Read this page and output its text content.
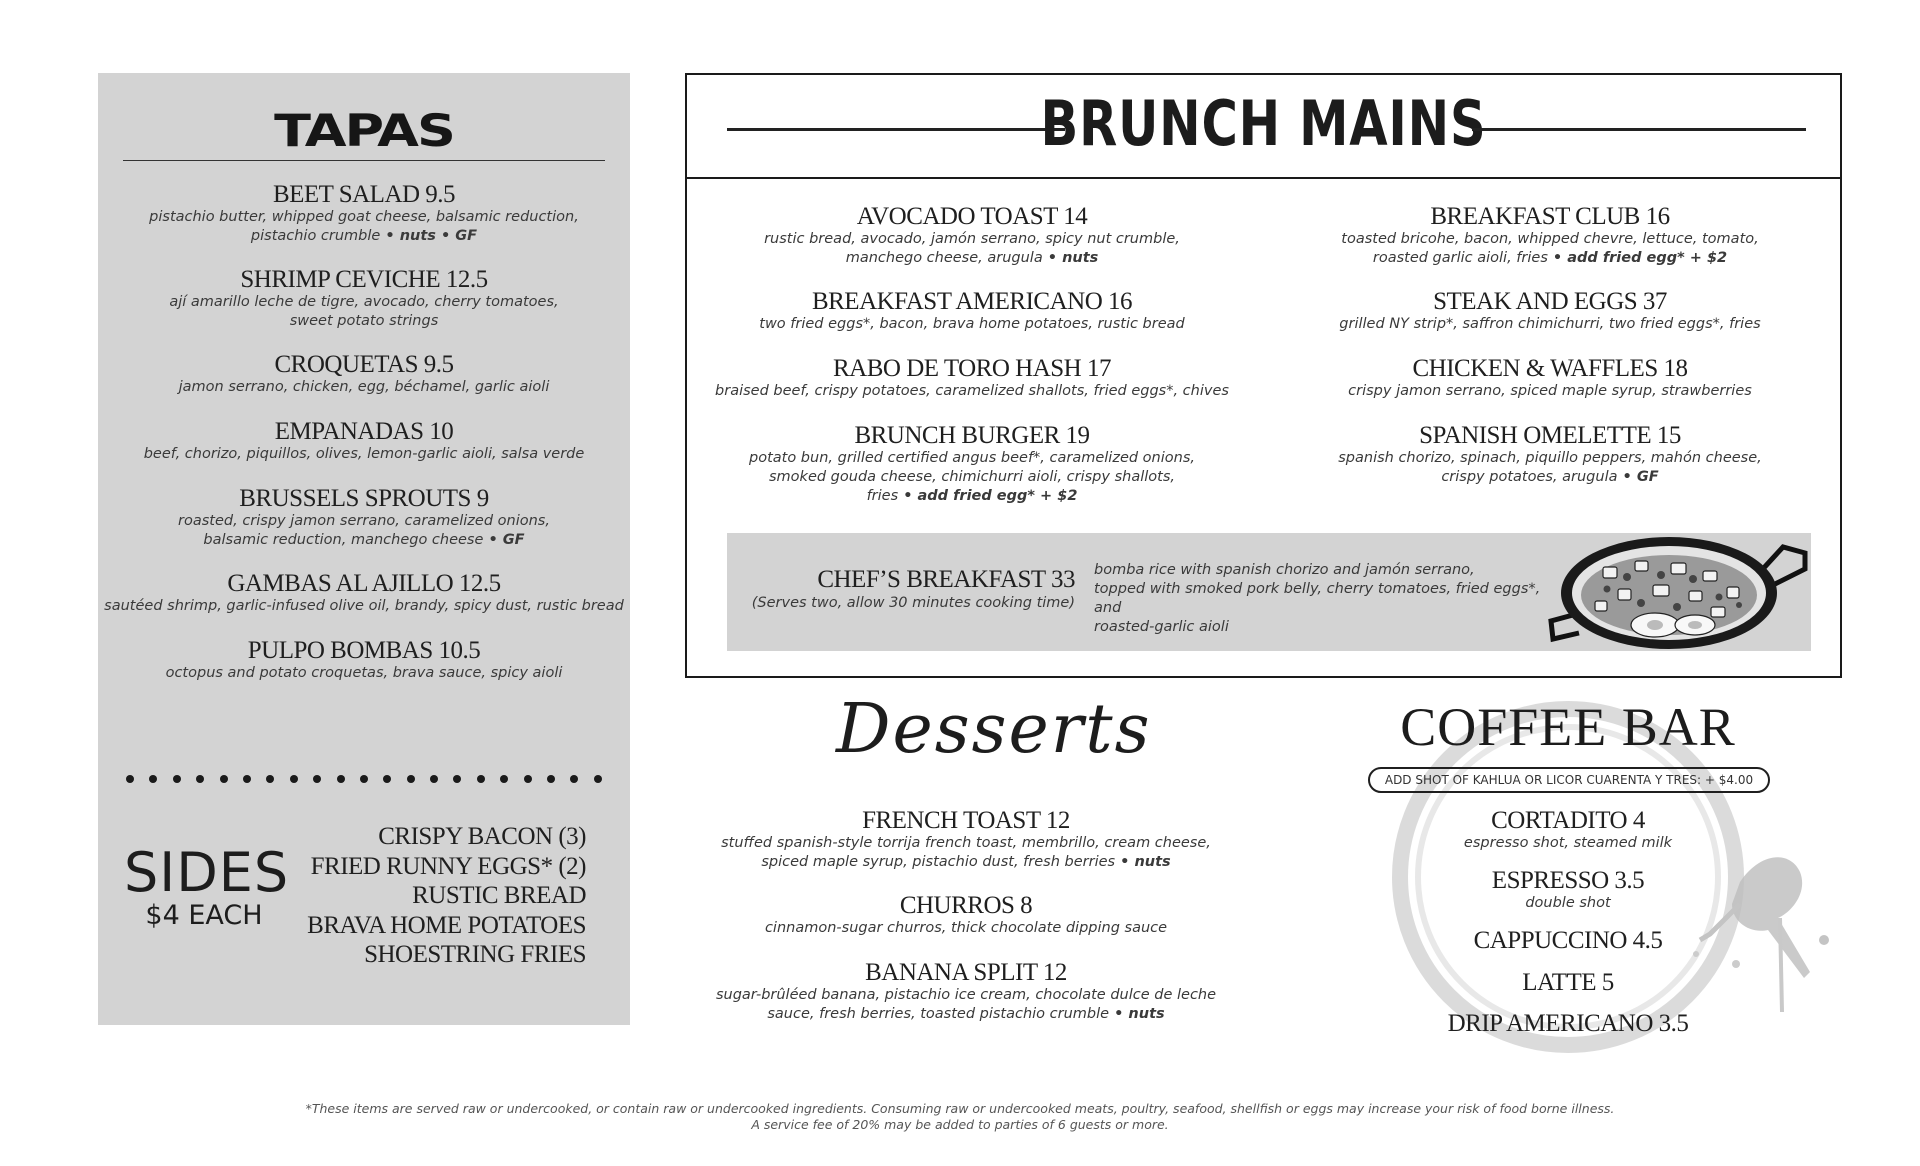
TAPAS
BEET SALAD 9.5
pistachio butter, whipped goat cheese, balsamic reduction,
pistachio crumble • nuts • GF
SHRIMP CEVICHE 12.5
ají amarillo leche de tigre, avocado, cherry tomatoes,
sweet potato strings
CROQUETAS 9.5
jamon serrano, chicken, egg, béchamel, garlic aioli
EMPANADAS 10
beef, chorizo, piquillos, olives, lemon-garlic aioli, salsa verde
BRUSSELS SPROUTS 9
roasted, crispy jamon serrano, caramelized onions,
balsamic reduction, manchego cheese • GF
GAMBAS AL AJILLO 12.5
sautéed shrimp, garlic-infused olive oil, brandy, spicy dust, rustic bread
PULPO BOMBAS 10.5
octopus and potato croquetas, brava sauce, spicy aioli
SIDES
$4 EACH
CRISPY BACON (3)
FRIED RUNNY EGGS* (2)
RUSTIC BREAD
BRAVA HOME POTATOES
SHOESTRING FRIES
BRUNCH MAINS
AVOCADO TOAST 14
rustic bread, avocado, jamón serrano, spicy nut crumble,
manchego cheese, arugula • nuts
BREAKFAST AMERICANO 16
two fried eggs*, bacon, brava home potatoes, rustic bread
RABO DE TORO HASH 17
braised beef, crispy potatoes, caramelized shallots, fried eggs*, chives
BRUNCH BURGER 19
potato bun, grilled certified angus beef*, caramelized onions,
smoked gouda cheese, chimichurri aioli, crispy shallots,
fries • add fried egg* + $2
BREAKFAST CLUB 16
toasted bricohe, bacon, whipped chevre, lettuce, tomato,
roasted garlic aioli, fries • add fried egg* + $2
STEAK AND EGGS 37
grilled NY strip*, saffron chimichurri, two fried eggs*, fries
CHICKEN & WAFFLES 18
crispy jamon serrano, spiced maple syrup, strawberries
SPANISH OMELETTE 15
spanish chorizo, spinach, piquillo peppers, mahón cheese,
crispy potatoes, arugula • GF
CHEF’S BREAKFAST 33
(Serves two, allow 30 minutes cooking time)
bomba rice with spanish chorizo and jamón serrano,
topped with smoked pork belly, cherry tomatoes, fried eggs*, and
roasted-garlic aioli
Desserts
FRENCH TOAST 12
stuffed spanish-style torrija french toast, membrillo, cream cheese,
spiced maple syrup, pistachio dust, fresh berries • nuts
CHURROS 8
cinnamon-sugar churros, thick chocolate dipping sauce
BANANA SPLIT 12
sugar-brûléed banana, pistachio ice cream, chocolate dulce de leche
sauce, fresh berries, toasted pistachio crumble • nuts
COFFEE BAR
ADD SHOT OF KAHLUA OR LICOR CUARENTA Y TRES: + $4.00
CORTADITO 4
espresso shot, steamed milk
ESPRESSO 3.5
double shot
CAPPUCCINO 4.5
LATTE 5
DRIP AMERICANO 3.5
*These items are served raw or undercooked, or contain raw or undercooked ingredients. Consuming raw or undercooked meats, poultry, seafood, shellfish or eggs may increase your risk of food borne illness.
A service fee of 20% may be added to parties of 6 guests or more.
